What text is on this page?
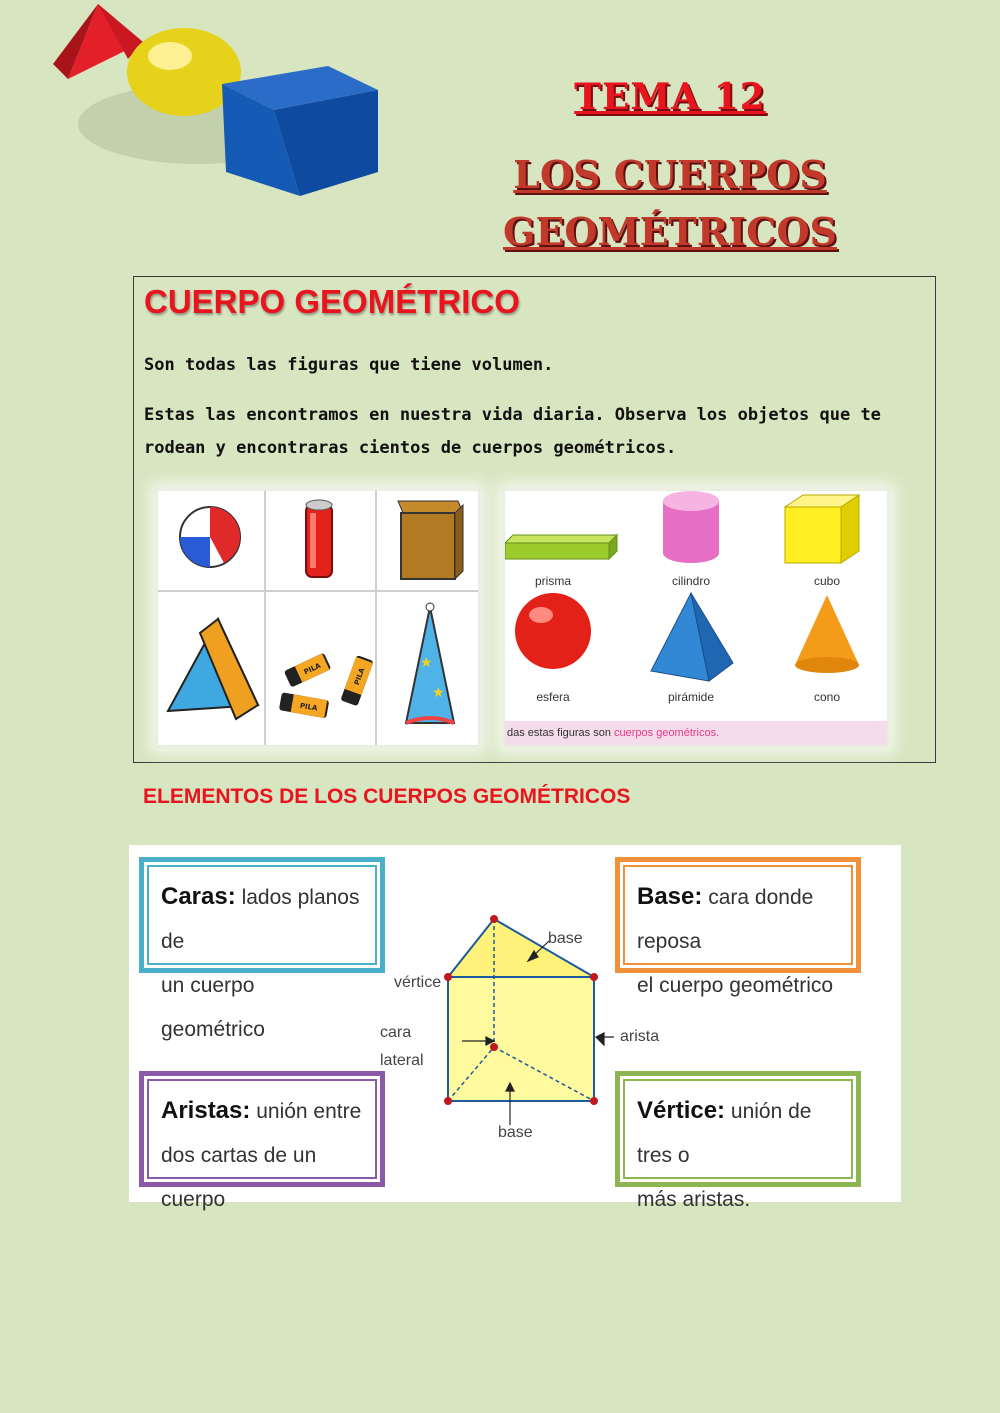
TEMA 12
LOS CUERPOS
GEOMÉTRICOS
CUERPO GEOMÉTRICO
Son todas las figuras que tiene volumen.
Estas las encontramos en nuestra vida diaria. Observa los objetos que te
rodean y encontraras cientos de cuerpos geométricos.
PILA	PILA
PILA
★
★
prisma	cilindro	cubo
esfera	pirámide	cono
das estas figuras son cuerpos geométricos.
ELEMENTOS DE LOS CUERPOS GEOMÉTRICOS
Caras: lados planos de
un cuerpo geométrico
Base: cara donde reposa
el cuerpo geométrico
Aristas: unión entre
dos cartas de un cuerpo
Vértice: unión de tres o
más aristas.
base
vértice
cara
lateral
base
arista
